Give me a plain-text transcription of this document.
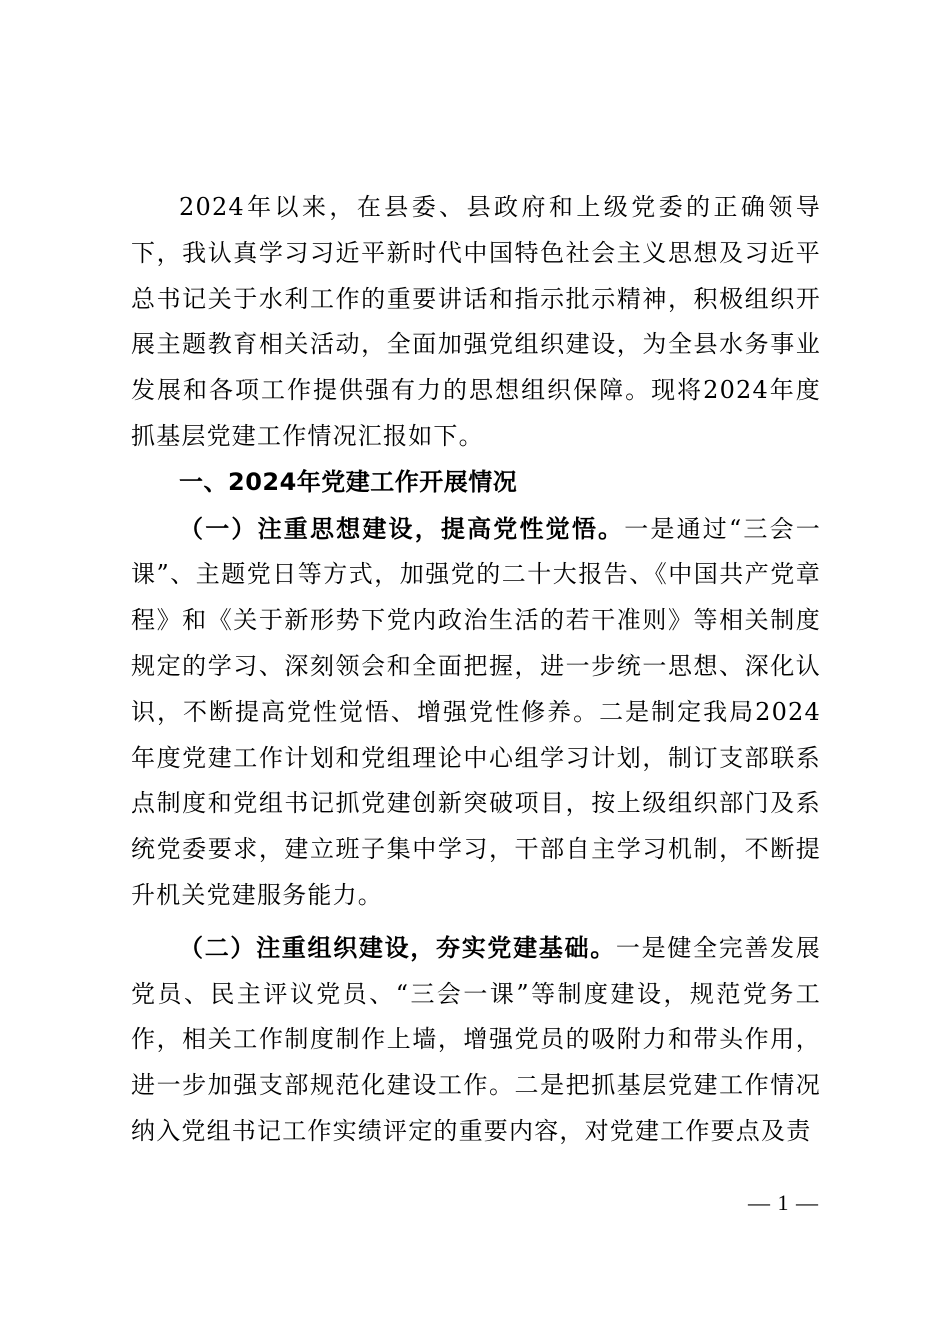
2024年以来，在县委、县政府和上级党委的正确领导下，我认真学习习近平新时代中国特色社会主义思想及习近平总书记关于水利工作的重要讲话和指示批示精神，积极组织开展主题教育相关活动，全面加强党组织建设，为全县水务事业发展和各项工作提供强有力的思想组织保障。现将2024年度抓基层党建工作情况汇报如下。

一、2024年党建工作开展情况

（一）注重思想建设，提高党性觉悟。一是通过“三会一课”、主题党日等方式，加强党的二十大报告、《中国共产党章程》和《关于新形势下党内政治生活的若干准则》等相关制度规定的学习、深刻领会和全面把握，进一步统一思想、深化认识，不断提高党性觉悟、增强党性修养。二是制定我局2024年度党建工作计划和党组理论中心组学习计划，制订支部联系点制度和党组书记抓党建创新突破项目，按上级组织部门及系统党委要求，建立班子集中学习，干部自主学习机制，不断提升机关党建服务能力。

（二）注重组织建设，夯实党建基础。一是健全完善发展党员、民主评议党员、“三会一课”等制度建设，规范党务工作，相关工作制度制作上墙，增强党员的吸附力和带头作用，进一步加强支部规范化建设工作。二是把抓基层党建工作情况纳入党组书记工作实绩评定的重要内容，对党建工作要点及责

— 1 —
